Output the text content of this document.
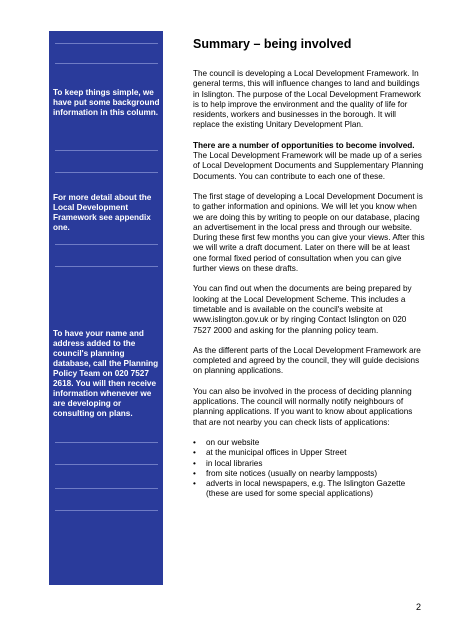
To keep things simple, we have put some background information in this column.

For more detail about the Local Development Framework see appendix one.

To have your name and address added to the council's planning database, call the Planning Policy Team on 020 7527 2618. You will then receive information whenever we are developing or consulting on plans.

Summary – being involved

The council is developing a Local Development Framework. In general terms, this will influence changes to land and buildings in Islington. The purpose of the Local Development Framework is to help improve the environment and the quality of life for residents, workers and businesses in the borough. It will replace the existing Unitary Development Plan.

There are a number of opportunities to become involved. The Local Development Framework will be made up of a series of Local Development Documents and Supplementary Planning Documents. You can contribute to each one of these.

The first stage of developing a Local Development Document is to gather information and opinions. We will let you know when we are doing this by writing to people on our database, placing an advertisement in the local press and through our website. During these first few months you can give your views. After this we will write a draft document. Later on there will be at least one formal fixed period of consultation when you can give further views on these drafts.

You can find out when the documents are being prepared by looking at the Local Development Scheme. This includes a timetable and is available on the council's website at www.islington.gov.uk or by ringing Contact Islington on 020 7527 2000 and asking for the planning policy team.

As the different parts of the Local Development Framework are completed and agreed by the council, they will guide decisions on planning applications.

You can also be involved in the process of deciding planning applications. The council will normally notify neighbours of planning applications. If you want to know about applications that are not nearby you can check lists of applications:

• on our website
• at the municipal offices in Upper Street
• in local libraries
• from site notices (usually on nearby lampposts)
• adverts in local newspapers, e.g. The Islington Gazette (these are used for some special applications)
2
